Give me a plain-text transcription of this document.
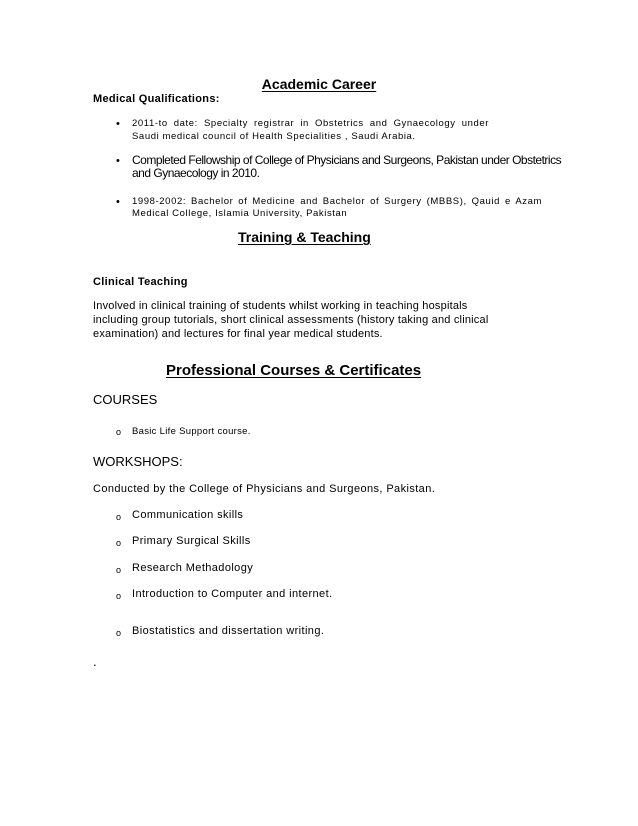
Academic Career
Medical Qualifications:
• 2011-to date: Specialty registrar in Obstetrics and Gynaecology under
Saudi medical council of Health Specialities , Saudi Arabia.
• Completed Fellowship of College of Physicians and Surgeons, Pakistan under Obstetrics
and Gynaecology in 2010.
• 1998-2002: Bachelor of Medicine and Bachelor of Surgery (MBBS), Qauid e Azam
Medical College, Islamia University, Pakistan
Training & Teaching
Clinical Teaching
Involved in clinical training of students whilst working in teaching hospitals
including group tutorials, short clinical assessments (history taking and clinical
examination) and lectures for final year medical students.
Professional Courses & Certificates
COURSES
o Basic Life Support course.
WORKSHOPS:
Conducted by the College of Physicians and Surgeons, Pakistan.
o Communication skills
o Primary Surgical Skills
o Research Methadology
o Introduction to Computer and internet.
o Biostatistics and dissertation writing.
.
